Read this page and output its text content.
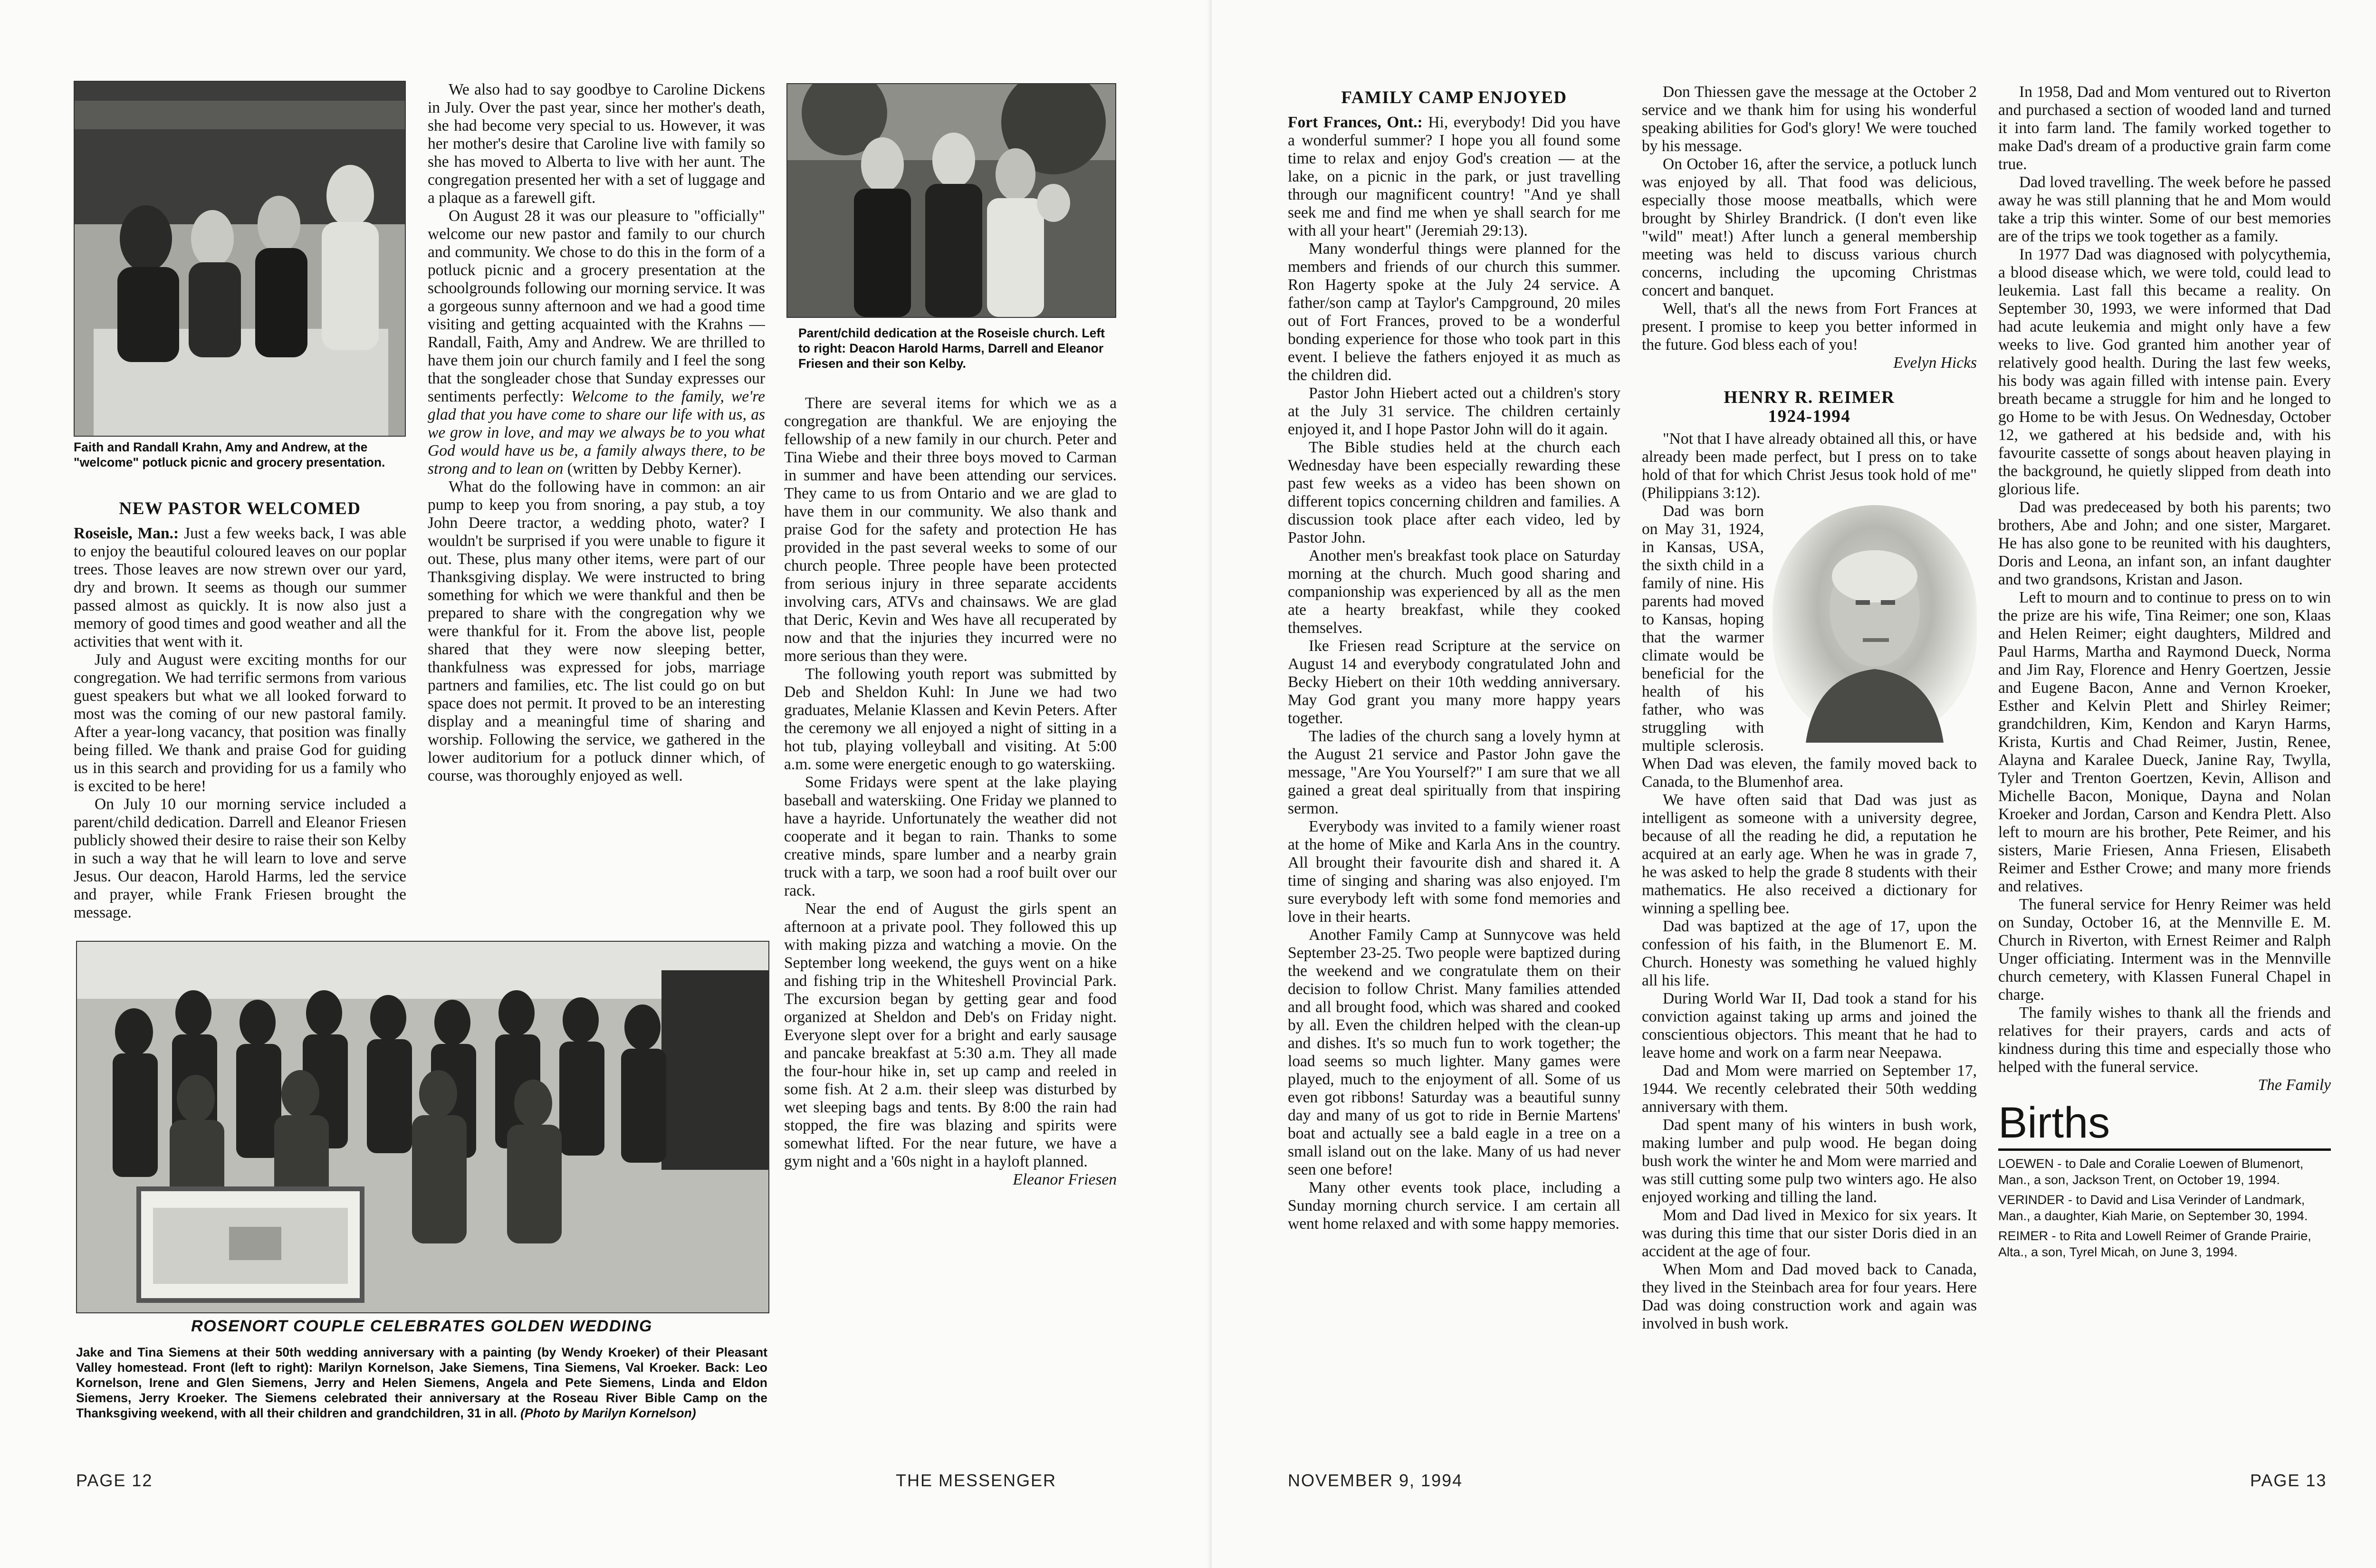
Faith and Randall Krahn, Amy and Andrew, at the "welcome" potluck picnic and grocery presentation.
NEW PASTOR WELCOMED

Roseisle, Man.: Just a few weeks back, I was able to enjoy the beautiful coloured leaves on our poplar trees. Those leaves are now strewn over our yard, dry and brown. It seems as though our summer passed almost as quickly. It is now also just a memory of good times and good weather and all the activities that went with it.

July and August were exciting months for our congregation. We had terrific sermons from various guest speakers but what we all looked forward to most was the coming of our new pastoral family. After a year-long vacancy, that position was finally being filled. We thank and praise God for guiding us in this search and providing for us a family who is excited to be here!

On July 10 our morning service included a parent/child dedication. Darrell and Eleanor Friesen publicly showed their desire to raise their son Kelby in such a way that he will learn to love and serve Jesus. Our deacon, Harold Harms, led the service and prayer, while Frank Friesen brought the message.

We also had to say goodbye to Caroline Dickens in July. Over the past year, since her mother's death, she had become very special to us. However, it was her mother's desire that Caroline live with family so she has moved to Alberta to live with her aunt. The congregation presented her with a set of luggage and a plaque as a farewell gift.

On August 28 it was our pleasure to "officially" welcome our new pastor and family to our church and community. We chose to do this in the form of a potluck picnic and a grocery presentation at the schoolgrounds following our morning service. It was a gorgeous sunny afternoon and we had a good time visiting and getting acquainted with the Krahns — Randall, Faith, Amy and Andrew. We are thrilled to have them join our church family and I feel the song that the songleader chose that Sunday expresses our sentiments perfectly: Welcome to the family, we're glad that you have come to share our life with us, as we grow in love, and may we always be to you what God would have us be, a family always there, to be strong and to lean on (written by Debby Kerner).

What do the following have in common: an air pump to keep you from snoring, a pay stub, a toy John Deere tractor, a wedding photo, water? I wouldn't be surprised if you were unable to figure it out. These, plus many other items, were part of our Thanksgiving display. We were instructed to bring something for which we were thankful and then be prepared to share with the congregation why we were thankful for it. From the above list, people shared that they were now sleeping better, thankfulness was expressed for jobs, marriage partners and families, etc. The list could go on but space does not permit. It proved to be an interesting display and a meaningful time of sharing and worship. Following the service, we gathered in the lower auditorium for a potluck dinner which, of course, was thoroughly enjoyed as well.

Parent/child dedication at the Roseisle church. Left to right: Deacon Harold Harms, Darrell and Eleanor Friesen and their son Kelby.

There are several items for which we as a congregation are thankful. We are enjoying the fellowship of a new family in our church. Peter and Tina Wiebe and their three boys moved to Carman in summer and have been attending our services. They came to us from Ontario and we are glad to have them in our community. We also thank and praise God for the safety and protection He has provided in the past several weeks to some of our church people. Three people have been protected from serious injury in three separate accidents involving cars, ATVs and chainsaws. We are glad that Deric, Kevin and Wes have all recuperated by now and that the injuries they incurred were no more serious than they were.

The following youth report was submitted by Deb and Sheldon Kuhl: In June we had two graduates, Melanie Klassen and Kevin Peters. After the ceremony we all enjoyed a night of sitting in a hot tub, playing volleyball and visiting. At 5:00 a.m. some were energetic enough to go waterskiing.

Some Fridays were spent at the lake playing baseball and waterskiing. One Friday we planned to have a hayride. Unfortunately the weather did not cooperate and it began to rain. Thanks to some creative minds, spare lumber and a nearby grain truck with a tarp, we soon had a roof built over our rack.

Near the end of August the girls spent an afternoon at a private pool. They followed this up with making pizza and watching a movie. On the September long weekend, the guys went on a hike and fishing trip in the Whiteshell Provincial Park. The excursion began by getting gear and food organized at Sheldon and Deb's on Friday night. Everyone slept over for a bright and early sausage and pancake breakfast at 5:30 a.m. They all made the four-hour hike in, set up camp and reeled in some fish. At 2 a.m. their sleep was disturbed by wet sleeping bags and tents. By 8:00 the rain had stopped, the fire was blazing and spirits were somewhat lifted. For the near future, we have a gym night and a '60s night in a hayloft planned.

Eleanor Friesen

ROSENORT COUPLE CELEBRATES GOLDEN WEDDING
Jake and Tina Siemens at their 50th wedding anniversary with a painting (by Wendy Kroeker) of their Pleasant Valley homestead. Front (left to right): Marilyn Kornelson, Jake Siemens, Tina Siemens, Val Kroeker. Back: Leo Kornelson, Irene and Glen Siemens, Jerry and Helen Siemens, Angela and Pete Siemens, Linda and Eldon Siemens, Jerry Kroeker. The Siemens celebrated their anniversary at the Roseau River Bible Camp on the Thanksgiving weekend, with all their children and grandchildren, 31 in all. (Photo by Marilyn Kornelson)
PAGE 12	THE MESSENGER
FAMILY CAMP ENJOYED

Fort Frances, Ont.: Hi, everybody! Did you have a wonderful summer? I hope you all found some time to relax and enjoy God's creation — at the lake, on a picnic in the park, or just travelling through our magnificent country! "And ye shall seek me and find me when ye shall search for me with all your heart" (Jeremiah 29:13).

Many wonderful things were planned for the members and friends of our church this summer. Ron Hagerty spoke at the July 24 service. A father/son camp at Taylor's Campground, 20 miles out of Fort Frances, proved to be a wonderful bonding experience for those who took part in this event. I believe the fathers enjoyed it as much as the children did.

Pastor John Hiebert acted out a children's story at the July 31 service. The children certainly enjoyed it, and I hope Pastor John will do it again.

The Bible studies held at the church each Wednesday have been especially rewarding these past few weeks as a video has been shown on different topics concerning children and families. A discussion took place after each video, led by Pastor John.

Another men's breakfast took place on Saturday morning at the church. Much good sharing and companionship was experienced by all as the men ate a hearty breakfast, while they cooked themselves.

Ike Friesen read Scripture at the service on August 14 and everybody congratulated John and Becky Hiebert on their 10th wedding anniversary. May God grant you many more happy years together.

The ladies of the church sang a lovely hymn at the August 21 service and Pastor John gave the message, "Are You Yourself?" I am sure that we all gained a great deal spiritually from that inspiring sermon.

Everybody was invited to a family wiener roast at the home of Mike and Karla Ans in the country. All brought their favourite dish and shared it. A time of singing and sharing was also enjoyed. I'm sure everybody left with some fond memories and love in their hearts.

Another Family Camp at Sunnycove was held September 23-25. Two people were baptized during the weekend and we congratulate them on their decision to follow Christ. Many families attended and all brought food, which was shared and cooked by all. Even the children helped with the clean-up and dishes. It's so much fun to work together; the load seems so much lighter. Many games were played, much to the enjoyment of all. Some of us even got ribbons! Saturday was a beautiful sunny day and many of us got to ride in Bernie Martens' boat and actually see a bald eagle in a tree on a small island out on the lake. Many of us had never seen one before!

Many other events took place, including a Sunday morning church service. I am certain all went home relaxed and with some happy memories.

Don Thiessen gave the message at the October 2 service and we thank him for using his wonderful speaking abilities for God's glory! We were touched by his message.

On October 16, after the service, a potluck lunch was enjoyed by all. That food was delicious, especially those moose meatballs, which were brought by Shirley Brandrick. (I don't even like "wild" meat!) After lunch a general membership meeting was held to discuss various church concerns, including the upcoming Christmas concert and banquet.

Well, that's all the news from Fort Frances at present. I promise to keep you better informed in the future. God bless each of you!

Evelyn Hicks

HENRY R. REIMER
1924-1994

"Not that I have already obtained all this, or have already been made perfect, but I press on to take hold of that for which Christ Jesus took hold of me" (Philippians 3:12).

Dad was born on May 31, 1924, in Kansas, USA, the sixth child in a family of nine. His parents had moved to Kansas, hoping that the warmer climate would be beneficial for the health of his father, who was struggling with multiple sclerosis. When Dad was eleven, the family moved back to Canada, to the Blumenhof area.

We have often said that Dad was just as intelligent as someone with a university degree, because of all the reading he did, a reputation he acquired at an early age. When he was in grade 7, he was asked to help the grade 8 students with their mathematics. He also received a dictionary for winning a spelling bee.

Dad was baptized at the age of 17, upon the confession of his faith, in the Blumenort E. M. Church. Honesty was something he valued highly all his life.

During World War II, Dad took a stand for his conviction against taking up arms and joined the conscientious objectors. This meant that he had to leave home and work on a farm near Neepawa.

Dad and Mom were married on September 17, 1944. We recently celebrated their 50th wedding anniversary with them.

Dad spent many of his winters in bush work, making lumber and pulp wood. He began doing bush work the winter he and Mom were married and was still cutting some pulp two winters ago. He also enjoyed working and tilling the land.

Mom and Dad lived in Mexico for six years. It was during this time that our sister Doris died in an accident at the age of four.

When Mom and Dad moved back to Canada, they lived in the Steinbach area for four years. Here Dad was doing construction work and again was involved in bush work.

In 1958, Dad and Mom ventured out to Riverton and purchased a section of wooded land and turned it into farm land. The family worked together to make Dad's dream of a productive grain farm come true.

Dad loved travelling. The week before he passed away he was still planning that he and Mom would take a trip this winter. Some of our best memories are of the trips we took together as a family.

In 1977 Dad was diagnosed with polycythemia, a blood disease which, we were told, could lead to leukemia. Last fall this became a reality. On September 30, 1993, we were informed that Dad had acute leukemia and might only have a few weeks to live. God granted him another year of relatively good health. During the last few weeks, his body was again filled with intense pain. Every breath became a struggle for him and he longed to go Home to be with Jesus. On Wednesday, October 12, we gathered at his bedside and, with his favourite cassette of songs about heaven playing in the background, he quietly slipped from death into glorious life.

Dad was predeceased by both his parents; two brothers, Abe and John; and one sister, Margaret. He has also gone to be reunited with his daughters, Doris and Leona, an infant son, an infant daughter and two grandsons, Kristan and Jason.

Left to mourn and to continue to press on to win the prize are his wife, Tina Reimer; one son, Klaas and Helen Reimer; eight daughters, Mildred and Paul Harms, Martha and Raymond Dueck, Norma and Jim Ray, Florence and Henry Goertzen, Jessie and Eugene Bacon, Anne and Vernon Kroeker, Esther and Kelvin Plett and Shirley Reimer; grandchildren, Kim, Kendon and Karyn Harms, Krista, Kurtis and Chad Reimer, Justin, Renee, Alayna and Karalee Dueck, Janine Ray, Twylla, Tyler and Trenton Goertzen, Kevin, Allison and Michelle Bacon, Monique, Dayna and Nolan Kroeker and Jordan, Carson and Kendra Plett. Also left to mourn are his brother, Pete Reimer, and his sisters, Marie Friesen, Anna Friesen, Elisabeth Reimer and Esther Crowe; and many more friends and relatives.

The funeral service for Henry Reimer was held on Sunday, October 16, at the Mennville E. M. Church in Riverton, with Ernest Reimer and Ralph Unger officiating. Interment was in the Mennville church cemetery, with Klassen Funeral Chapel in charge.

The family wishes to thank all the friends and relatives for their prayers, cards and acts of kindness during this time and especially those who helped with the funeral service.

The Family

Births

LOEWEN - to Dale and Coralie Loewen of Blumenort, Man., a son, Jackson Trent, on October 19, 1994.

VERINDER - to David and Lisa Verinder of Landmark, Man., a daughter, Kiah Marie, on September 30, 1994.

REIMER - to Rita and Lowell Reimer of Grande Prairie, Alta., a son, Tyrel Micah, on June 3, 1994.

NOVEMBER 9, 1994	PAGE 13
